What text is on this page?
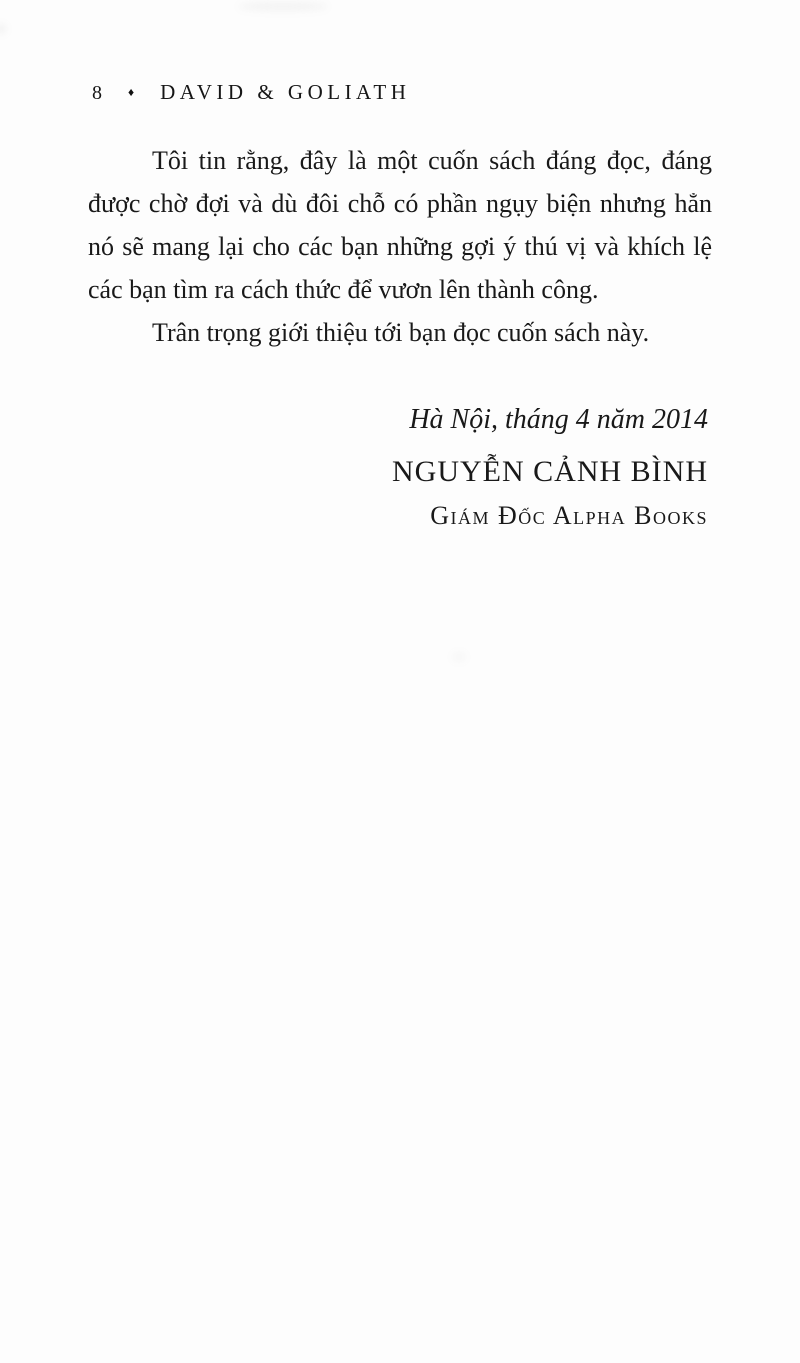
8 ♦ DAVID & GOLIATH

Tôi tin rằng, đây là một cuốn sách đáng đọc, đáng được chờ đợi và dù đôi chỗ có phần ngụy biện nhưng hẳn nó sẽ mang lại cho các bạn những gợi ý thú vị và khích lệ các bạn tìm ra cách thức để vươn lên thành công.

Trân trọng giới thiệu tới bạn đọc cuốn sách này.

Hà Nội, tháng 4 năm 2014
NGUYỄN CẢNH BÌNH
Giám Đốc Alpha Books
